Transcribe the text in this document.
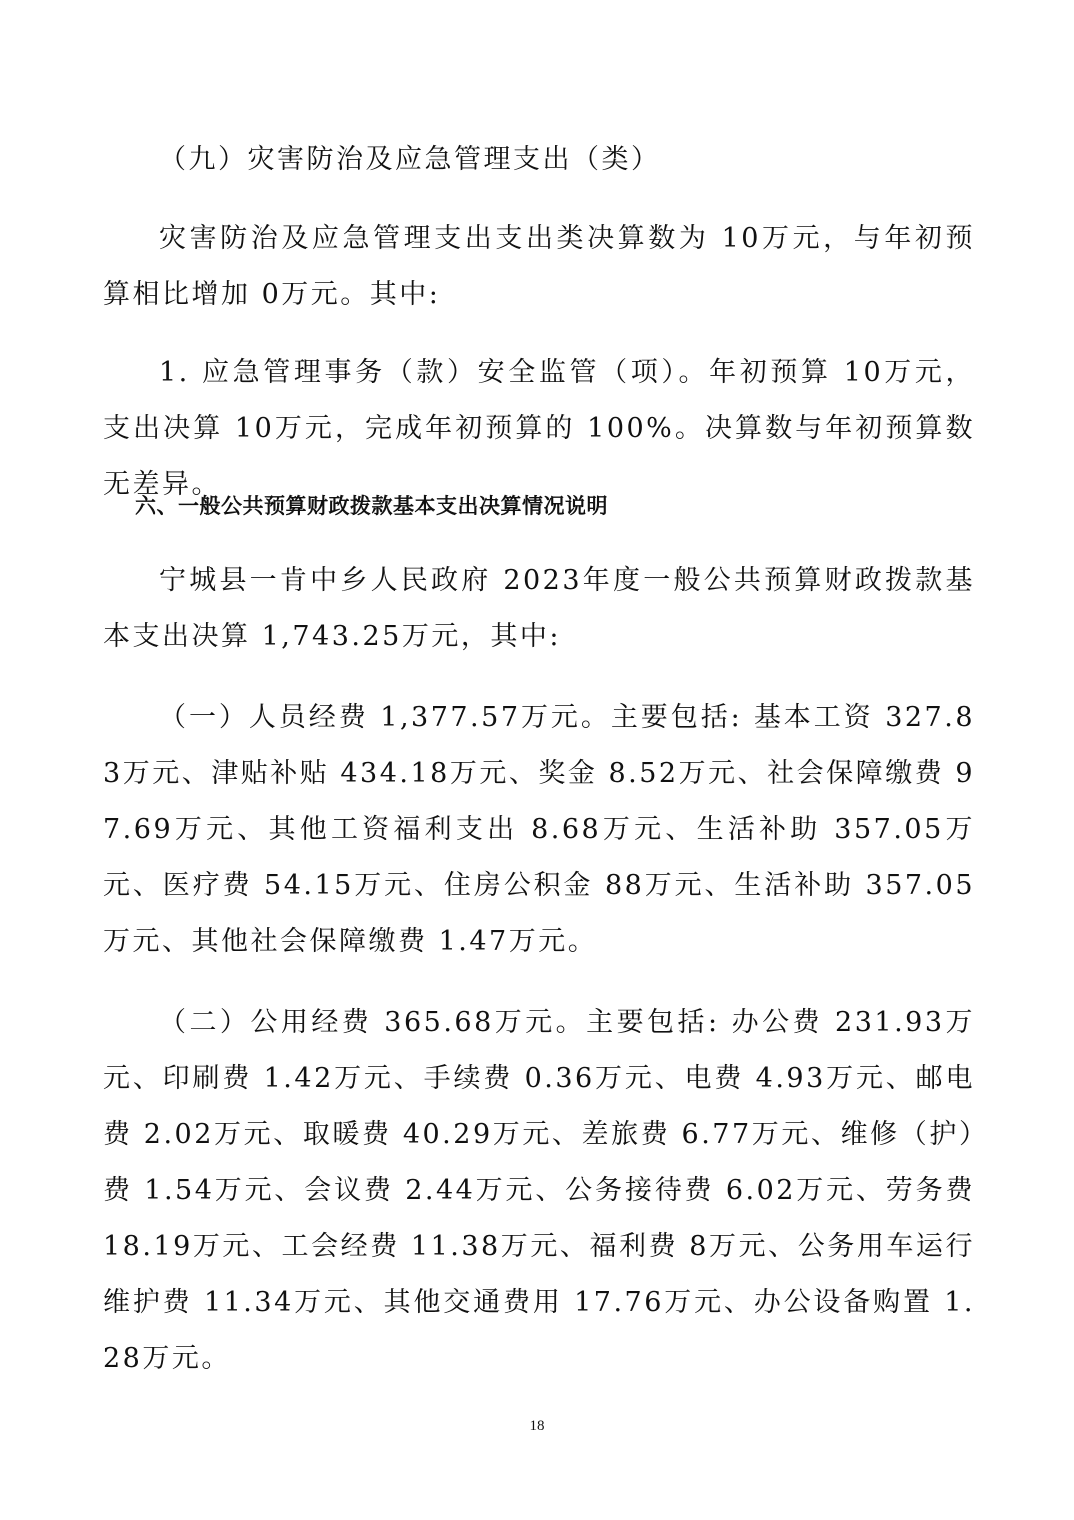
（九）灾害防治及应急管理支出（类）

灾害防治及应急管理支出支出类决算数为 10万元，与年初预算相比增加 0万元。其中:

1. 应急管理事务（款）安全监管（项）。年初预算 10万元，支出决算 10万元，完成年初预算的 100%。决算数与年初预算数无差异。

六、一般公共预算财政拨款基本支出决算情况说明

宁城县一肯中乡人民政府 2023年度一般公共预算财政拨款基本支出决算 1,743.25万元，其中:

（一）人员经费 1,377.57万元。主要包括: 基本工资 327.83万元、津贴补贴 434.18万元、奖金 8.52万元、社会保障缴费 97.69万元、其他工资福利支出 8.68万元、生活补助 357.05万元、医疗费 54.15万元、住房公积金 88万元、生活补助 357.05万元、其他社会保障缴费 1.47万元。

（二）公用经费 365.68万元。主要包括: 办公费 231.93万元、印刷费 1.42万元、手续费 0.36万元、电费 4.93万元、邮电费 2.02万元、取暖费 40.29万元、差旅费 6.77万元、维修（护）费 1.54万元、会议费 2.44万元、公务接待费 6.02万元、劳务费 18.19万元、工会经费 11.38万元、福利费 8万元、公务用车运行维护费 11.34万元、其他交通费用 17.76万元、办公设备购置 1.28万元。

18
